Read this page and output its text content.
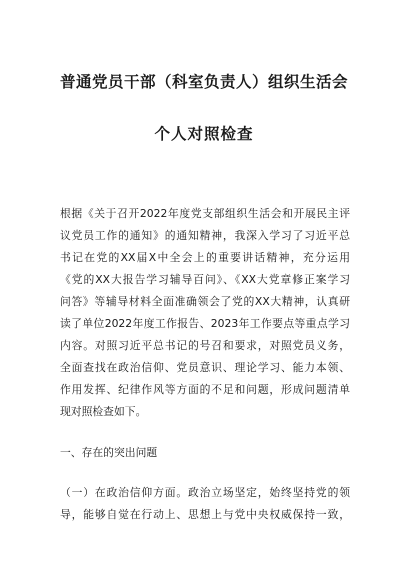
普通党员干部（科室负责人）组织生活会
个人对照检查
根据《关于召开2022年度党支部组织生活会和开展民主评
议党员工作的通知》的通知精神，我深入学习了习近平总
书记在党的XX届X中全会上的重要讲话精神，充分运用
《党的XX大报告学习辅导百问》、《XX大党章修正案学习
问答》等辅导材料全面准确领会了党的XX大精神，认真研
读了单位2022年度工作报告、2023年工作要点等重点学习
内容。对照习近平总书记的号召和要求，对照党员义务，
全面查找在政治信仰、党员意识、理论学习、能力本领、
作用发挥、纪律作风等方面的不足和问题，形成问题清单
现对照检查如下。
一、存在的突出问题
（一）在政治信仰方面。政治立场坚定，始终坚持党的领
导，能够自觉在行动上、思想上与党中央权威保持一致，
